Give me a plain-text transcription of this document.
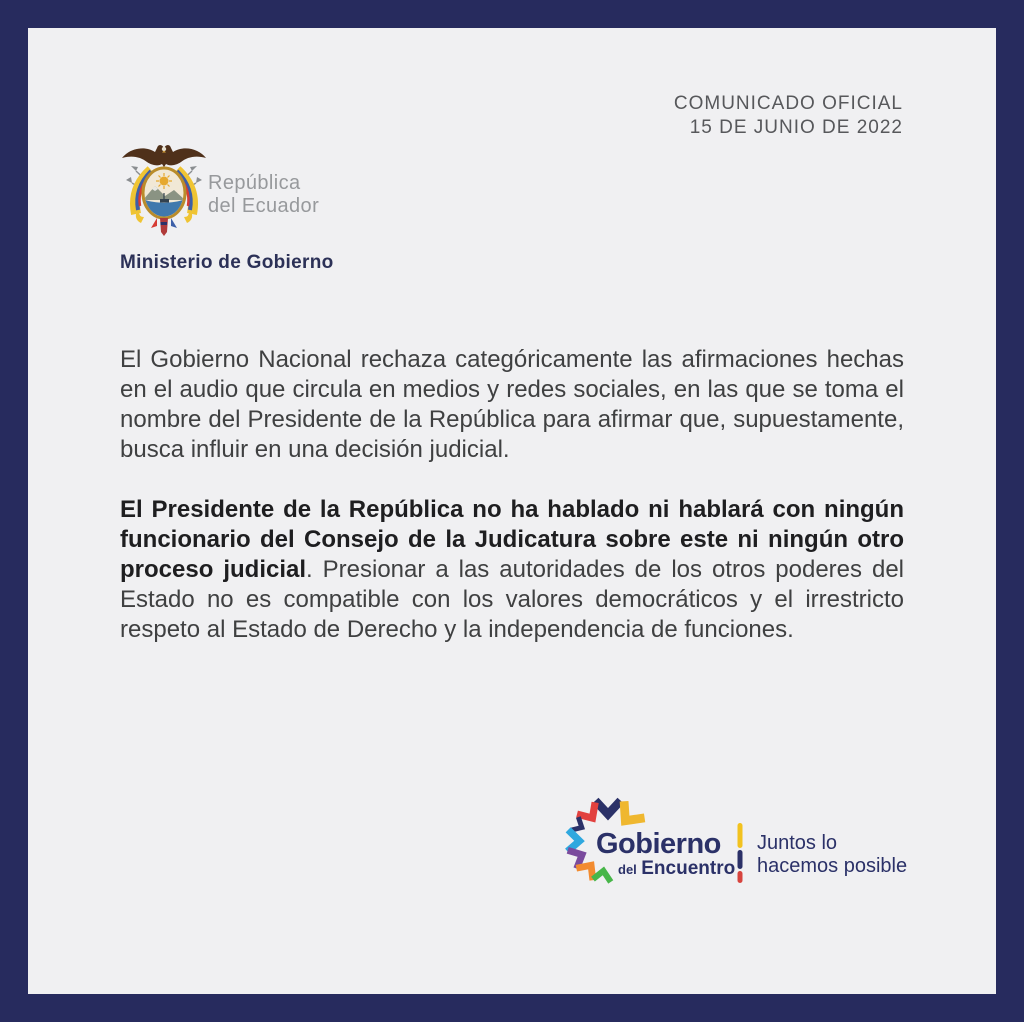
COMUNICADO OFICIAL
15 DE JUNIO DE 2022
República
del Ecuador
Ministerio de Gobierno

El Gobierno Nacional rechaza categóricamente las afirmaciones hechas en el audio que circula en medios y redes sociales, en las que se toma el nombre del Presidente de la República para afirmar que, supuestamente, busca influir en una decisión judicial.

El Presidente de la República no ha hablado ni hablará con ningún funcionario del Consejo de la Judicatura sobre este ni ningún otro proceso judicial. Presionar a las autoridades de los otros poderes del Estado no es compatible con los valores democráticos y el irrestricto respeto al Estado de Derecho y la independencia de funciones.

Gobierno
del Encuentro
Juntos lo
hacemos posible
